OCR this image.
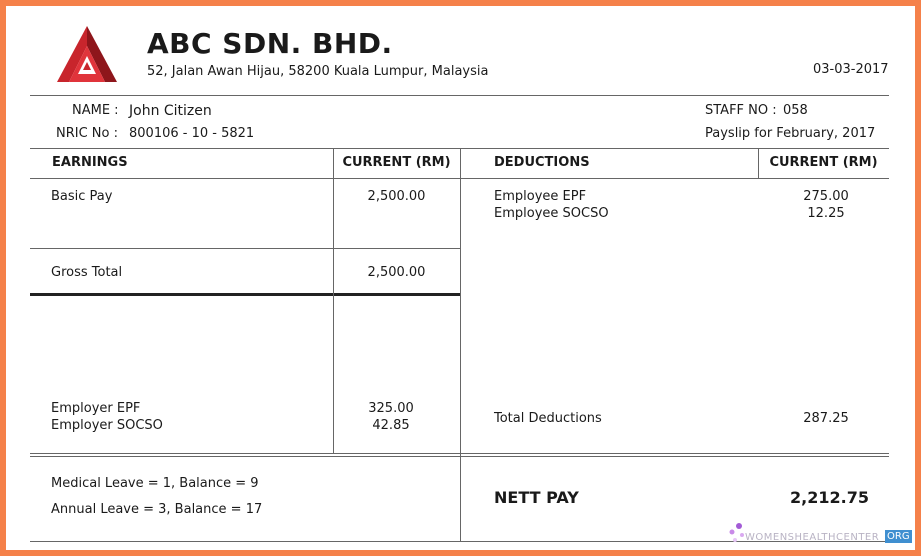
ABC SDN. BHD.
52, Jalan Awan Hijau, 58200 Kuala Lumpur, Malaysia	03-03-2017
NAME : John Citizen
NRIC No : 800106 - 10 - 5821
STAFF NO : 058
Payslip for February, 2017
EARNINGS	CURRENT (RM)	DEDUCTIONS	CURRENT (RM)
Basic Pay	2,500.00
Gross Total	2,500.00
Employer EPF	325.00
Employer SOCSO	42.85
Employee EPF	275.00
Employee SOCSO	12.25
Total Deductions	287.25
Medical Leave = 1, Balance = 9
Annual Leave = 3, Balance = 17
NETT PAY	2,212.75
WOMENSHEALTHCENTER ORG
